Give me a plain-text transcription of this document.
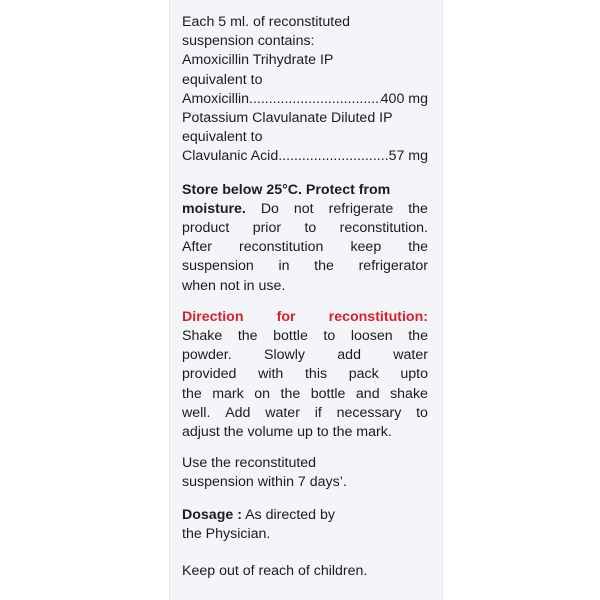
Each 5 ml. of reconstituted
suspension contains:
Amoxicillin Trihydrate IP
equivalent to
Amoxicillin .....	400 mg
Potassium Clavulanate Diluted IP
equivalent to
Clavulanic Acid .....	57 mg
Store below 25°C. Protect from
moisture. Do not refrigerate the
product prior to reconstitution.
After reconstitution keep the
suspension in the refrigerator
when not in use.
Direction for reconstitution:
Shake the bottle to loosen the
powder. Slowly add water
provided with this pack upto
the mark on the bottle and shake
well. Add water if necessary to
adjust the volume up to the mark.
Use the reconstituted
suspension within 7 days’.
Dosage : As directed by
the Physician.
Keep out of reach of children.
